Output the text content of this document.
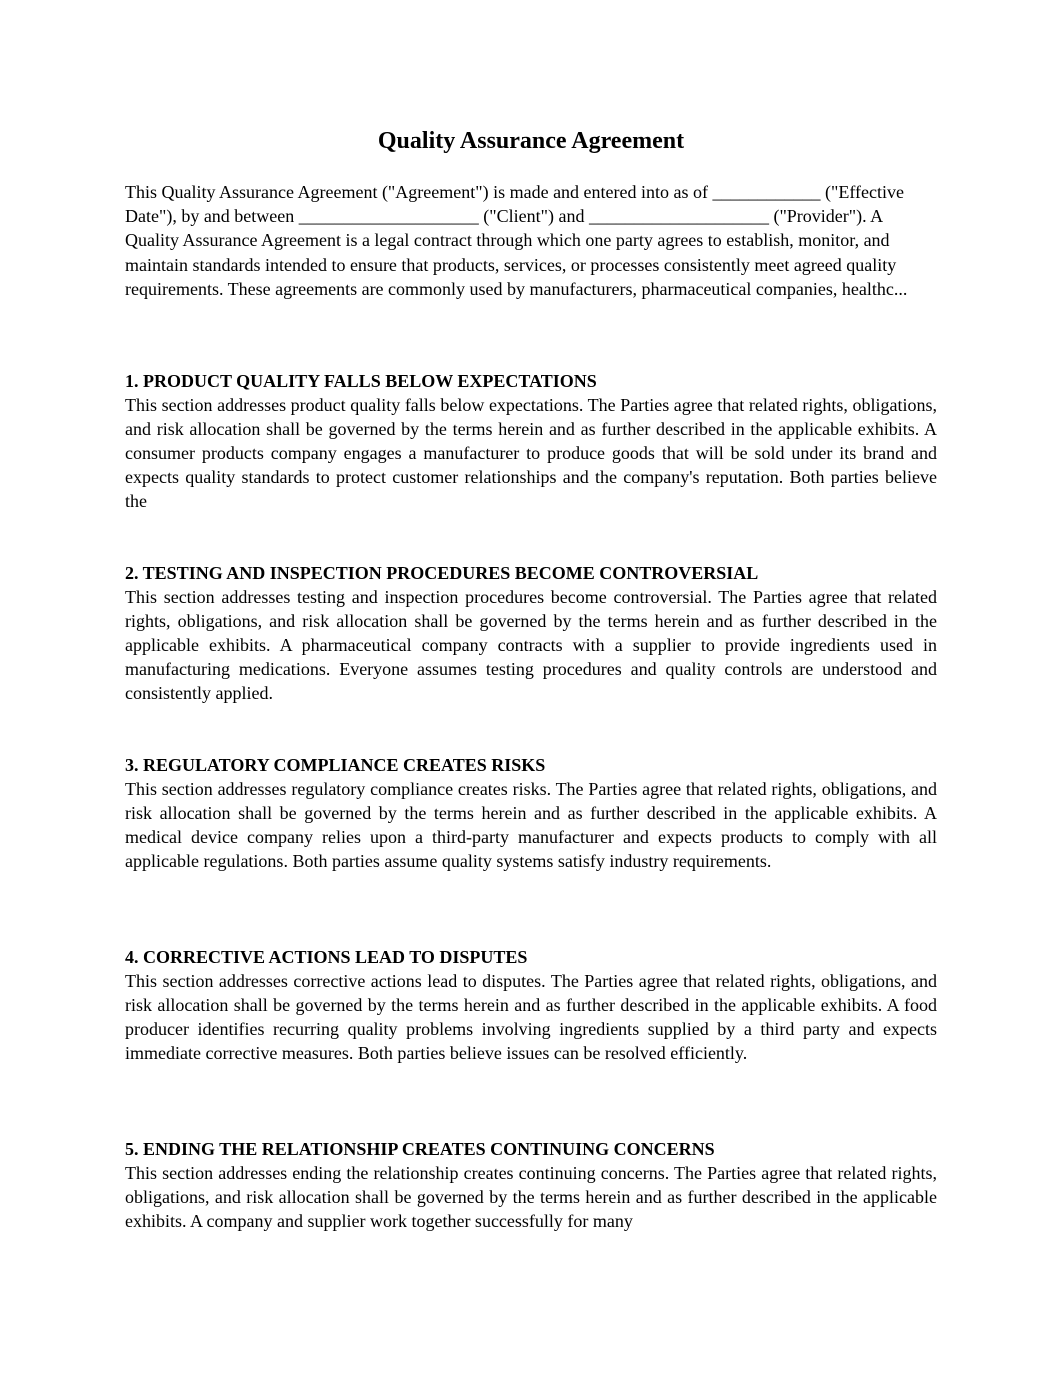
Quality Assurance Agreement

This Quality Assurance Agreement ("Agreement") is made and entered into as of ____________ ("Effective Date"), by and between ____________________ ("Client") and ____________________ ("Provider"). A Quality Assurance Agreement is a legal contract through which one party agrees to establish, monitor, and maintain standards intended to ensure that products, services, or processes consistently meet agreed quality requirements. These agreements are commonly used by manufacturers, pharmaceutical companies, healthc...

1. PRODUCT QUALITY FALLS BELOW EXPECTATIONS

This section addresses product quality falls below expectations. The Parties agree that related rights, obligations, and risk allocation shall be governed by the terms herein and as further described in the applicable exhibits. A consumer products company engages a manufacturer to produce goods that will be sold under its brand and expects quality standards to protect customer relationships and the company's reputation. Both parties believe the

2. TESTING AND INSPECTION PROCEDURES BECOME CONTROVERSIAL

This section addresses testing and inspection procedures become controversial. The Parties agree that related rights, obligations, and risk allocation shall be governed by the terms herein and as further described in the applicable exhibits. A pharmaceutical company contracts with a supplier to provide ingredients used in manufacturing medications. Everyone assumes testing procedures and quality controls are understood and consistently applied.

3. REGULATORY COMPLIANCE CREATES RISKS

This section addresses regulatory compliance creates risks. The Parties agree that related rights, obligations, and risk allocation shall be governed by the terms herein and as further described in the applicable exhibits. A medical device company relies upon a third-party manufacturer and expects products to comply with all applicable regulations. Both parties assume quality systems satisfy industry requirements.

4. CORRECTIVE ACTIONS LEAD TO DISPUTES

This section addresses corrective actions lead to disputes. The Parties agree that related rights, obligations, and risk allocation shall be governed by the terms herein and as further described in the applicable exhibits. A food producer identifies recurring quality problems involving ingredients supplied by a third party and expects immediate corrective measures. Both parties believe issues can be resolved efficiently.

5. ENDING THE RELATIONSHIP CREATES CONTINUING CONCERNS

This section addresses ending the relationship creates continuing concerns. The Parties agree that related rights, obligations, and risk allocation shall be governed by the terms herein and as further described in the applicable exhibits. A company and supplier work together successfully for many
